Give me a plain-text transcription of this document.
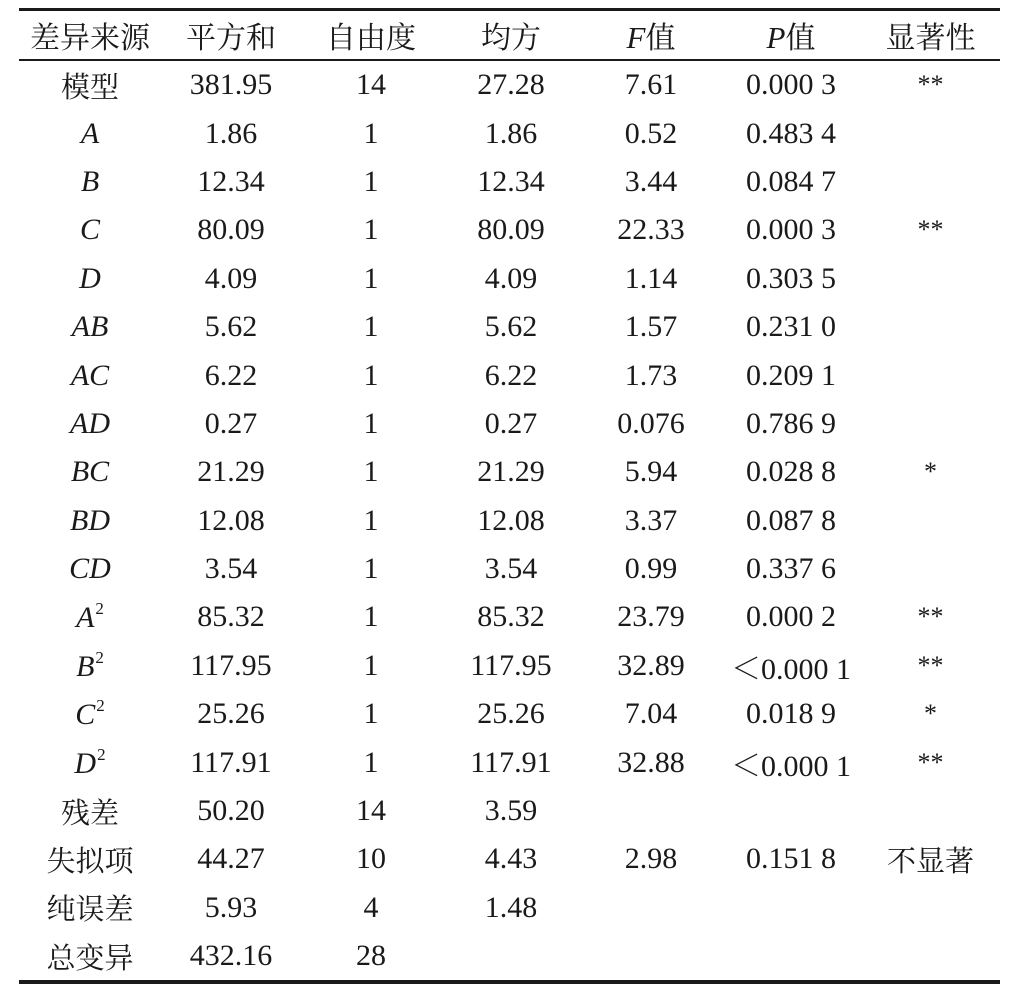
差异来源	平方和	自由度	均方	F值	P值	显著性

模型	381.95	14	27.28	7.61	0.000 3	**
A	1.86	1	1.86	0.52	0.483 4	
B	12.34	1	12.34	3.44	0.084 7	
C	80.09	1	80.09	22.33	0.000 3	**
D	4.09	1	4.09	1.14	0.303 5	
AB	5.62	1	5.62	1.57	0.231 0	
AC	6.22	1	6.22	1.73	0.209 1	
AD	0.27	1	0.27	0.076	0.786 9	
BC	21.29	1	21.29	5.94	0.028 8	*
BD	12.08	1	12.08	3.37	0.087 8	
CD	3.54	1	3.54	0.99	0.337 6	
$A^2$	85.32	1	85.32	23.79	0.000 2	**
$B^2$	117.95	1	117.95	32.89	＜0.000 1	**
$C^2$	25.26	1	25.26	7.04	0.018 9	*
$D^2$	117.91	1	117.91	32.88	＜0.000 1	**
残差	50.20	14	3.59			
失拟项	44.27	10	4.43	2.98	0.151 8	不显著
纯误差	5.93	4	1.48			
总变异	432.16	28				
